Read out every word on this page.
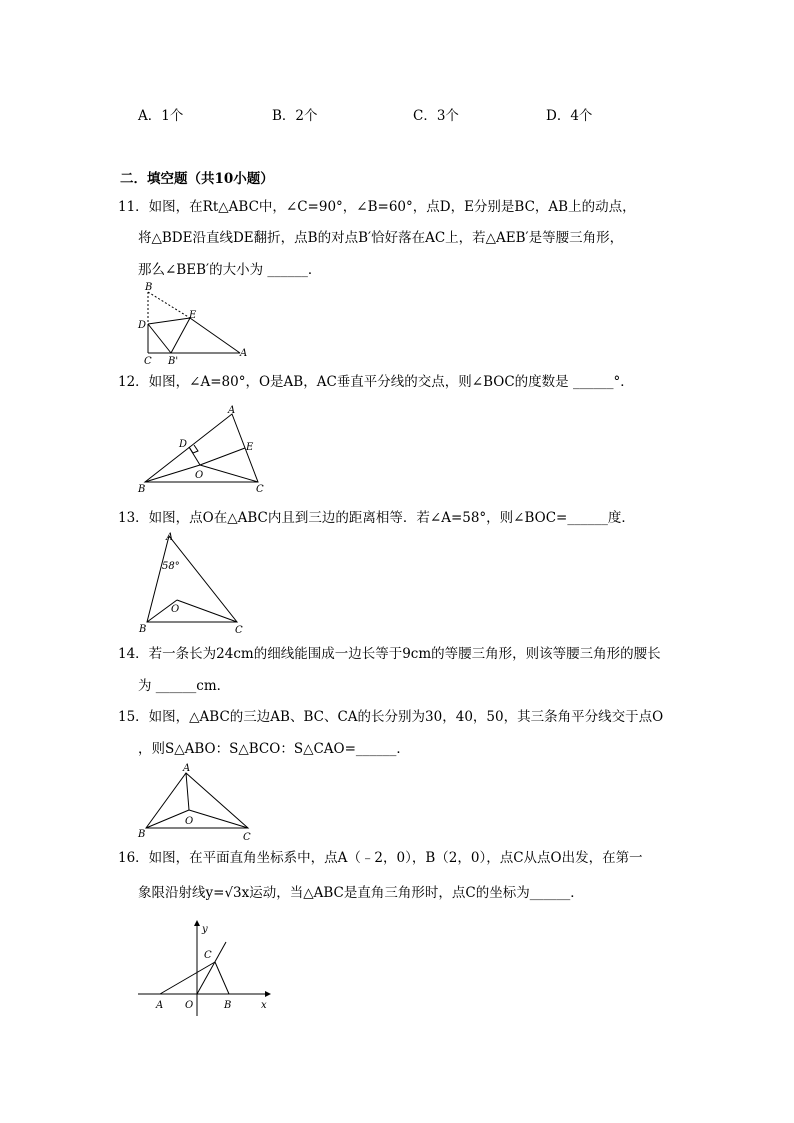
A．1个	B．2个	C．3个	D．4个
二．填空题（共10小题）
11．如图，在Rt△ABC中，∠C=90°，∠B=60°，点D，E分别是BC，AB上的动点，
将△BDE沿直线DE翻折，点B的对点B′恰好落在AC上，若△AEB′是等腰三角形，
那么∠BEB′的大小为 ______．
B
D
E
C B'
A
12．如图，∠A=80°，O是AB，AC垂直平分线的交点，则∠BOC的度数是 ______°．
A
D	E
O
B	C
13．如图，点O在△ABC内且到三边的距离相等．若∠A=58°，则∠BOC=______度．
A
58°
O
B	C
14．若一条长为24cm的细线能围成一边长等于9cm的等腰三角形，则该等腰三角形的腰长
为 ______cm．
15．如图，△ABC的三边AB、BC、CA的长分别为30，40，50，其三条角平分线交于点O
，则S△ABO：S△BCO：S△CAO=______．
A
O
B	C
16．如图，在平面直角坐标系中，点A（﹣2，0），B（2，0），点C从点O出发，在第一
象限沿射线y=√3x运动，当△ABC是直角三角形时，点C的坐标为______．
y
C
A O	B	x
